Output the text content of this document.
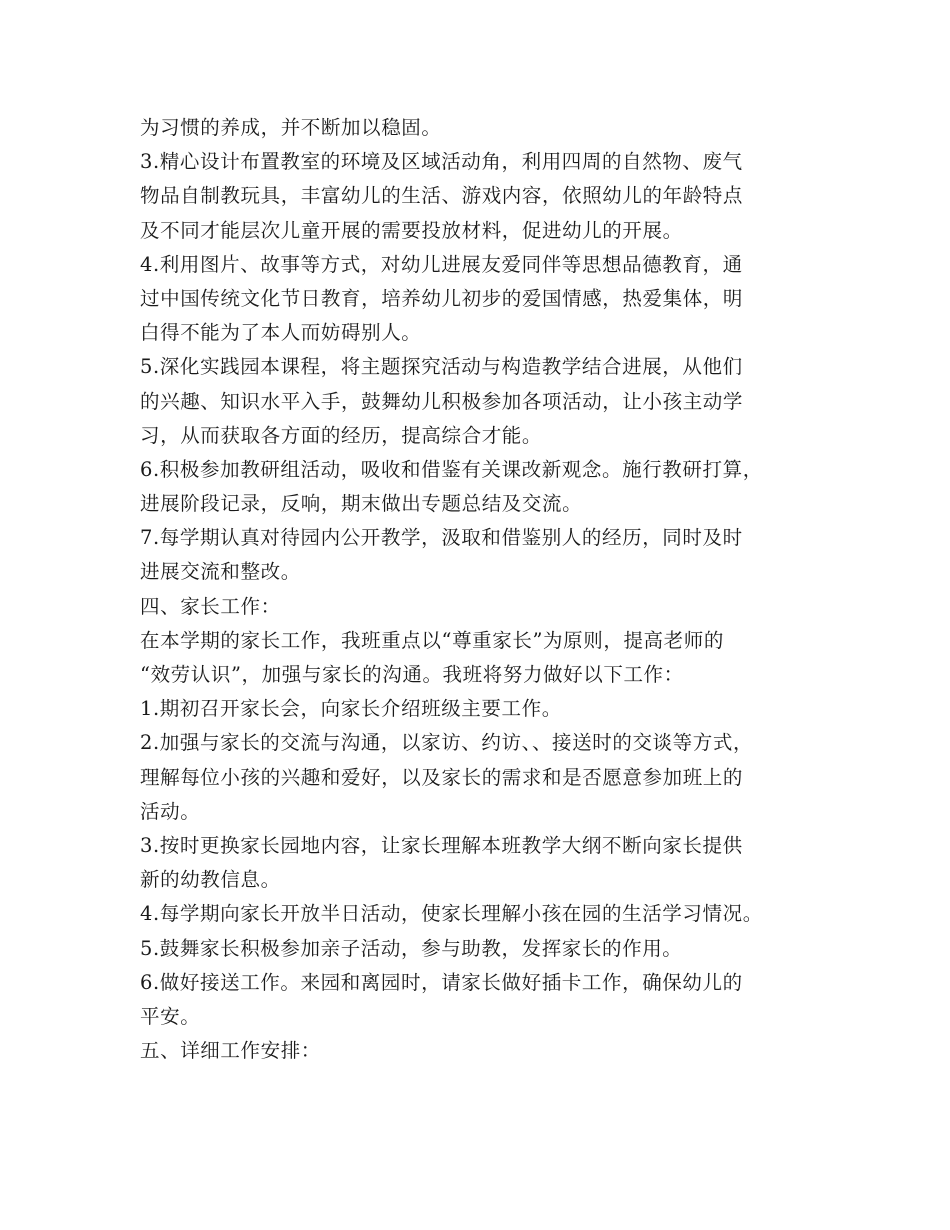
为习惯的养成，并不断加以稳固。
3.精心设计布置教室的环境及区域活动角，利用四周的自然物、废气
物品自制教玩具，丰富幼儿的生活、游戏内容，依照幼儿的年龄特点
及不同才能层次儿童开展的需要投放材料，促进幼儿的开展。
4.利用图片、故事等方式，对幼儿进展友爱同伴等思想品德教育，通
过中国传统文化节日教育，培养幼儿初步的爱国情感，热爱集体，明
白得不能为了本人而妨碍别人。
5.深化实践园本课程，将主题探究活动与构造教学结合进展，从他们
的兴趣、知识水平入手，鼓舞幼儿积极参加各项活动，让小孩主动学
习，从而获取各方面的经历，提高综合才能。
6.积极参加教研组活动，吸收和借鉴有关课改新观念。施行教研打算，
进展阶段记录，反响，期末做出专题总结及交流。
7.每学期认真对待园内公开教学，汲取和借鉴别人的经历，同时及时
进展交流和整改。
四、家长工作：
在本学期的家长工作，我班重点以“尊重家长”为原则，提高老师的
“效劳认识”，加强与家长的沟通。我班将努力做好以下工作：
1.期初召开家长会，向家长介绍班级主要工作。
2.加强与家长的交流与沟通，以家访、约访、、接送时的交谈等方式，
理解每位小孩的兴趣和爱好，以及家长的需求和是否愿意参加班上的
活动。
3.按时更换家长园地内容，让家长理解本班教学大纲不断向家长提供
新的幼教信息。
4.每学期向家长开放半日活动，使家长理解小孩在园的生活学习情况。
5.鼓舞家长积极参加亲子活动，参与助教，发挥家长的作用。
6.做好接送工作。来园和离园时，请家长做好插卡工作，确保幼儿的
平安。
五、详细工作安排：
